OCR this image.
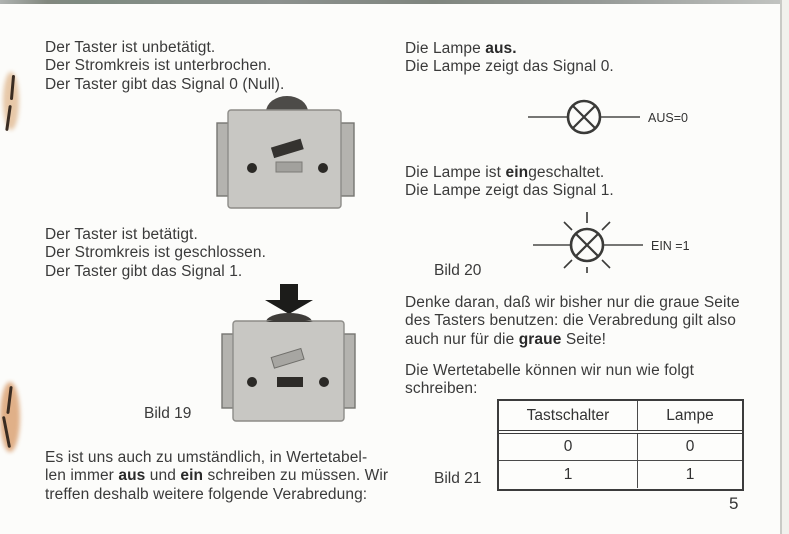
Der Taster ist unbetätigt.
Der Stromkreis ist unterbrochen.
Der Taster gibt das Signal 0 (Null).
Der Taster ist betätigt.
Der Stromkreis ist geschlossen.
Der Taster gibt das Signal 1.
Bild 19
Es ist uns auch zu umständlich, in Wertetabel-
len immer aus und ein schreiben zu müssen. Wir
treffen deshalb weitere folgende Verabredung:
Die Lampe aus.
Die Lampe zeigt das Signal 0.
AUS=0
Die Lampe ist eingeschaltet.
Die Lampe zeigt das Signal 1.
EIN =1
Bild 20
Denke daran, daß wir bisher nur die graue Seite
des Tasters benutzen: die Verabredung gilt also
auch nur für die graue Seite!
Die Wertetabelle können wir nun wie folgt
schreiben:
Tastschalter	Lampe
0	0
1	1
Bild 21
5
